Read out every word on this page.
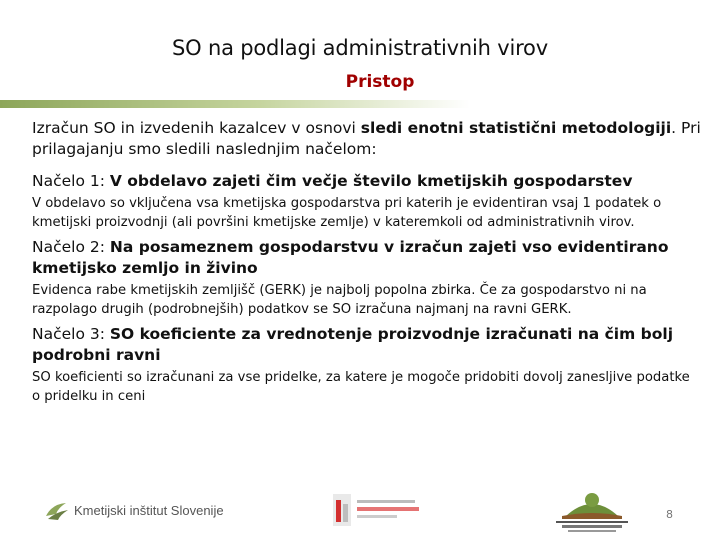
SO na podlagi administrativnih virov
Pristop

Izračun SO in izvedenih kazalcev v osnovi sledi enotni statistični metodologiji. Pri prilagajanju smo sledili naslednjim načelom:

Načelo 1: V obdelavo zajeti čim večje število kmetijskih gospodarstev

V obdelavo so vključena vsa kmetijska gospodarstva pri katerih je evidentiran vsaj 1 podatek o kmetijski proizvodnji (ali površini kmetijske zemlje) v kateremkoli od administrativnih virov.

Načelo 2: Na posameznem gospodarstvu v izračun zajeti vso evidentirano kmetijsko zemljo in živino

Evidenca rabe kmetijskih zemljišč (GERK) je najbolj popolna zbirka. Če za gospodarstvo ni na razpolago drugih (podrobnejših) podatkov se SO izračuna najmanj na ravni GERK.

Načelo 3: SO koeficiente za vrednotenje proizvodnje izračunati na čim bolj podrobni ravni

SO koeficienti so izračunani za vse pridelke, za katere je mogoče pridobiti dovolj zanesljive podatke o pridelku in ceni

Kmetijski inštitut Slovenije	8
